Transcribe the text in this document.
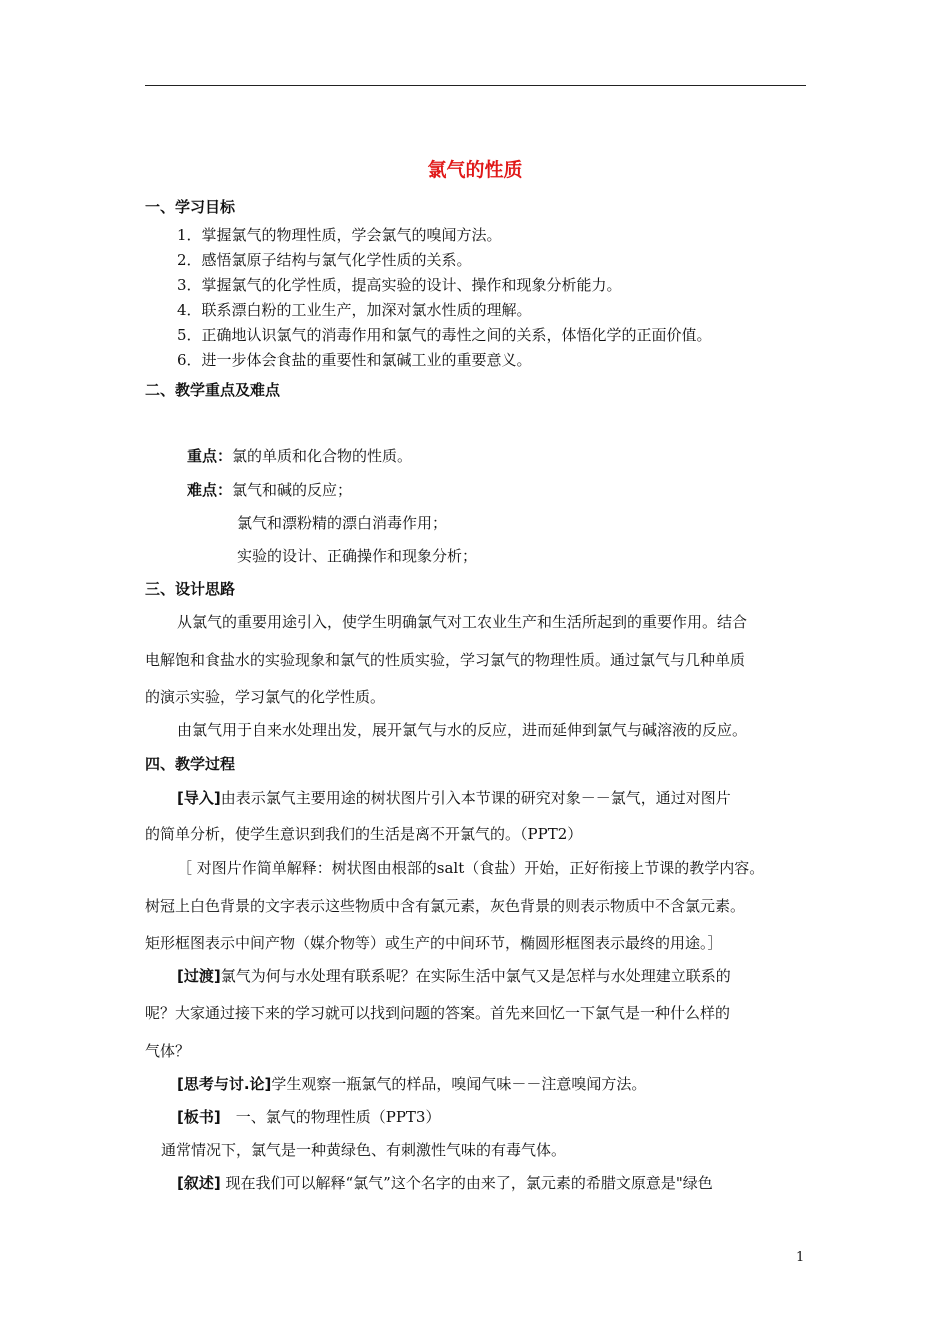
氯气的性质
一、学习目标
1．掌握氯气的物理性质，学会氯气的嗅闻方法。
2．感悟氯原子结构与氯气化学性质的关系。
3．掌握氯气的化学性质，提高实验的设计、操作和现象分析能力。
4．联系漂白粉的工业生产，加深对氯水性质的理解。
5．正确地认识氯气的消毒作用和氯气的毒性之间的关系，体悟化学的正面价值。
6．进一步体会食盐的重要性和氯碱工业的重要意义。
二、教学重点及难点
重点：氯的单质和化合物的性质。
难点：氯气和碱的反应；
氯气和漂粉精的漂白消毒作用；
实验的设计、正确操作和现象分析；
三、设计思路
从氯气的重要用途引入，使学生明确氯气对工农业生产和生活所起到的重要作用。结合
电解饱和食盐水的实验现象和氯气的性质实验，学习氯气的物理性质。通过氯气与几种单质
的演示实验，学习氯气的化学性质。
由氯气用于自来水处理出发，展开氯气与水的反应，进而延伸到氯气与碱溶液的反应。
四、教学过程
[导入]由表示氯气主要用途的树状图片引入本节课的研究对象－－氯气，通过对图片
的简单分析，使学生意识到我们的生活是离不开氯气的。（PPT2）
［ 对图片作简单解释：树状图由根部的salt（食盐）开始，正好衔接上节课的教学内容。
树冠上白色背景的文字表示这些物质中含有氯元素，灰色背景的则表示物质中不含氯元素。
矩形框图表示中间产物（媒介物等）或生产的中间环节，椭圆形框图表示最终的用途。］
[过渡]氯气为何与水处理有联系呢？在实际生活中氯气又是怎样与水处理建立联系的
呢？大家通过接下来的学习就可以找到问题的答案。首先来回忆一下氯气是一种什么样的
气体？
[思考与讨.论]学生观察一瓶氯气的样品，嗅闻气味－－注意嗅闻方法。
[板书]　一、氯气的物理性质（PPT3）
通常情况下，氯气是一种黄绿色、有刺激性气味的有毒气体。
[叙述] 现在我们可以解释“氯气”这个名字的由来了，氯元素的希腊文原意是"绿色
1
